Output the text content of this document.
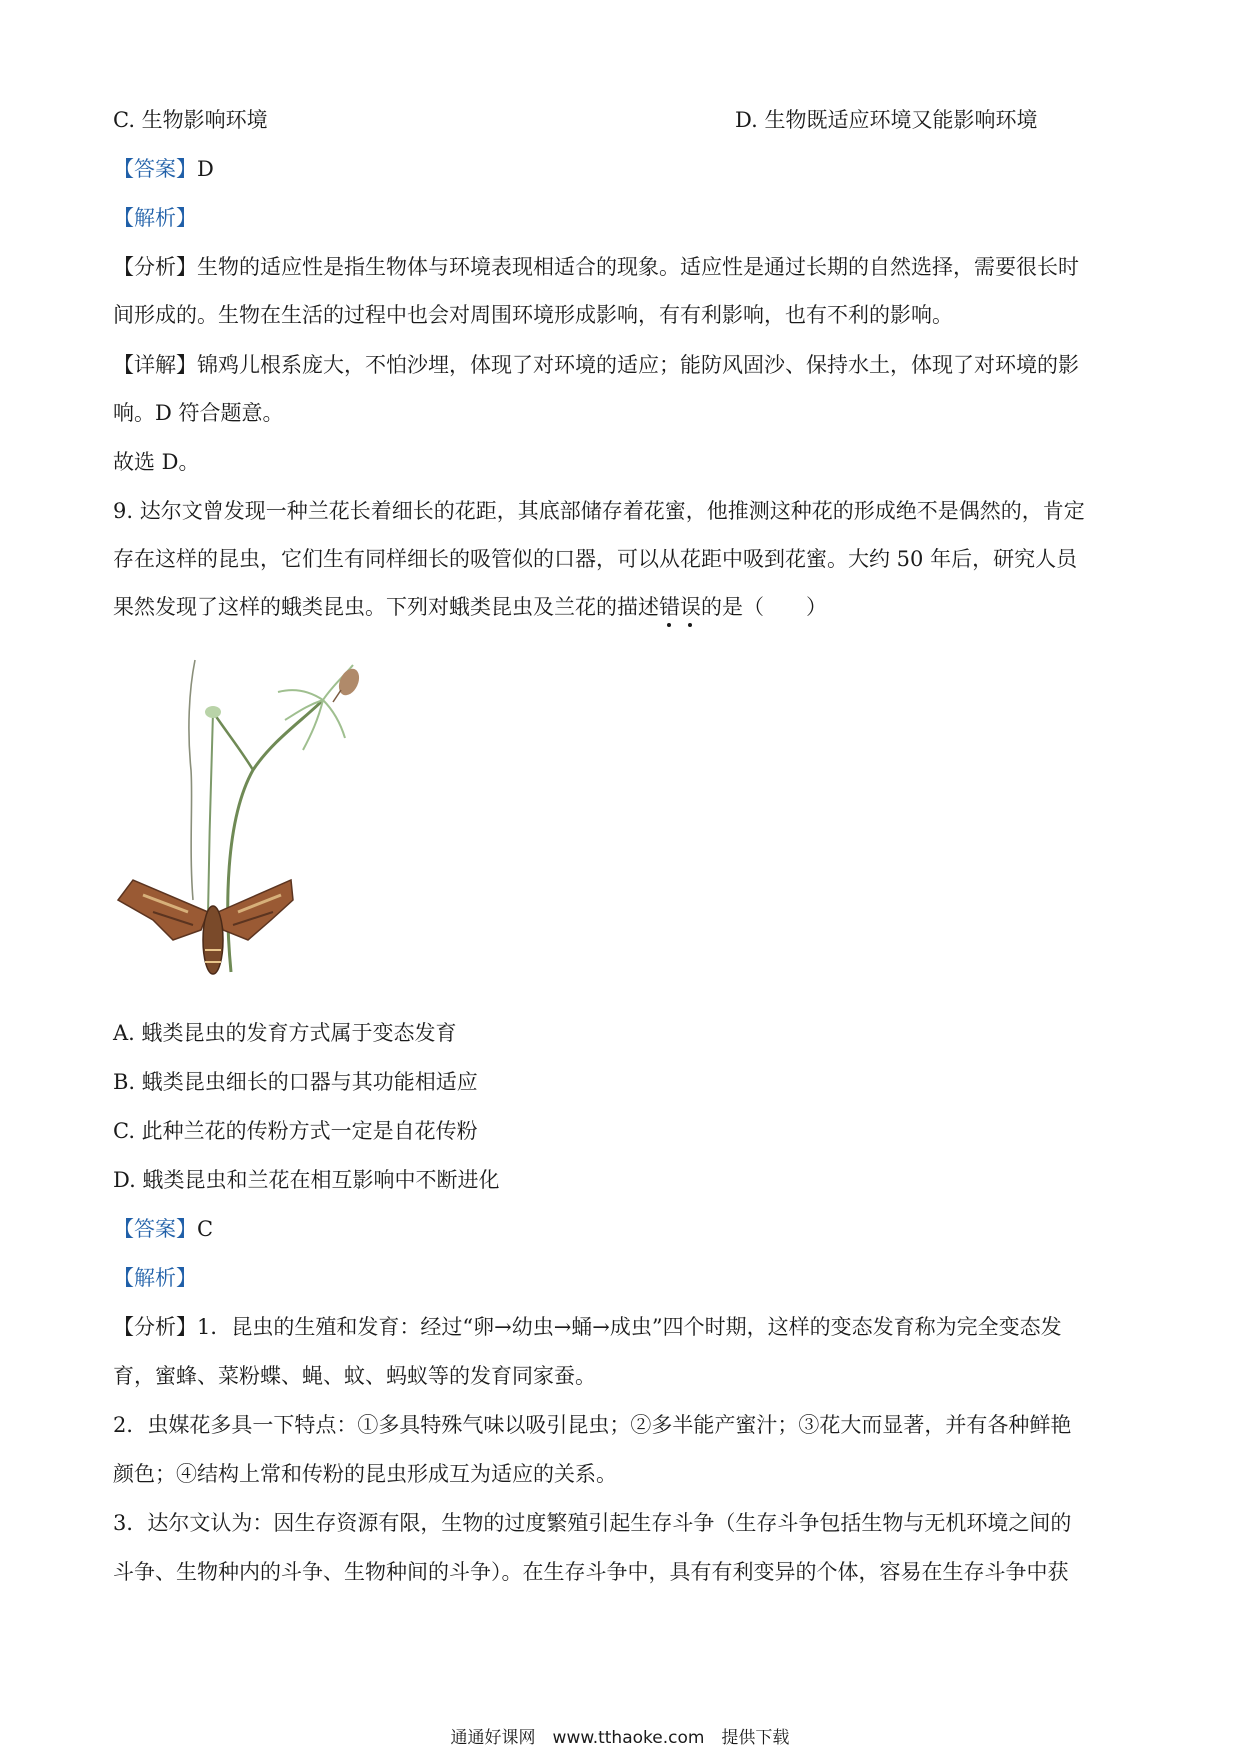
C. 生物影响环境	D. 生物既适应环境又能影响环境
【答案】D
【解析】
【分析】生物的适应性是指生物体与环境表现相适合的现象。适应性是通过长期的自然选择，需要很长时
间形成的。生物在生活的过程中也会对周围环境形成影响，有有利影响，也有不利的影响。
【详解】锦鸡儿根系庞大，不怕沙埋，体现了对环境的适应；能防风固沙、保持水土，体现了对环境的影
响。D 符合题意。
故选 D。
9. 达尔文曾发现一种兰花长着细长的花距，其底部储存着花蜜，他推测这种花的形成绝不是偶然的，肯定
存在这样的昆虫，它们生有同样细长的吸管似的口器，可以从花距中吸到花蜜。大约 50 年后，研究人员
果然发现了这样的蛾类昆虫。下列对蛾类昆虫及兰花的描述错误
的是（　　）
A. 蛾类昆虫的发育方式属于变态发育
B. 蛾类昆虫细长的口器与其功能相适应
C. 此种兰花的传粉方式一定是自花传粉
D. 蛾类昆虫和兰花在相互影响中不断进化
【答案】C
【解析】
【分析】1．昆虫的生殖和发育：经过“卵→幼虫→蛹→成虫”四个时期，这样的变态发育称为完全变态发
育，蜜蜂、菜粉蝶、蝇、蚊、蚂蚁等的发育同家蚕。
2．虫媒花多具一下特点：①多具特殊气味以吸引昆虫；②多半能产蜜汁；③花大而显著，并有各种鲜艳
颜色；④结构上常和传粉的昆虫形成互为适应的关系。
3．达尔文认为：因生存资源有限，生物的过度繁殖引起生存斗争（生存斗争包括生物与无机环境之间的
斗争、生物种内的斗争、生物种间的斗争）。在生存斗争中，具有有利变异的个体，容易在生存斗争中获
通通好课网　www.tthaoke.com　提供下载
